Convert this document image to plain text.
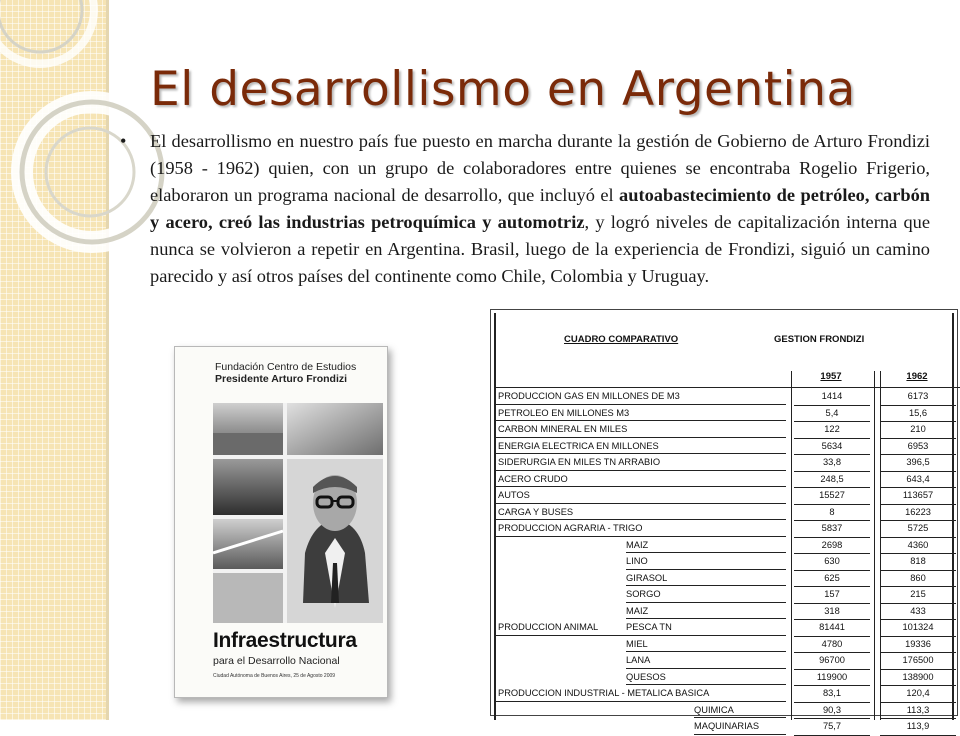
El desarrollismo en Argentina
•	El desarrollismo en nuestro país fue puesto en marcha durante la gestión de Gobierno de Arturo Frondizi (1958 - 1962) quien, con un grupo de colaboradores entre quienes se encontraba Rogelio Frigerio, elaboraron un programa nacional de desarrollo, que incluyó el autoabastecimiento de petróleo, carbón y acero, creó las industrias petroquímica y automotriz, y logró niveles de capitalización interna que nunca se volvieron a repetir en Argentina. Brasil, luego de la experiencia de Frondizi, siguió un camino parecido y así otros países del continente como Chile, Colombia y Uruguay.

Fundación Centro de Estudios
Presidente Arturo Frondizi
Infraestructura
para el Desarrollo Nacional
Ciudad Autónoma de Buenos Aires, 25 de Agosto 2009
CUADRO COMPARATIVO	GESTION FRONDIZI
1957	1962
PRODUCCION GAS EN MILLONES DE M3	1414	6173
PETROLEO EN MILLONES M3	5,4	15,6
CARBON MINERAL EN MILES	122	210
ENERGIA ELECTRICA EN MILLONES	5634	6953
SIDERURGIA EN MILES TN ARRABIO	33,8	396,5
ACERO CRUDO	248,5	643,4
AUTOS	15527	113657
CARGA Y BUSES	8	16223
PRODUCCION AGRARIA - TRIGO	5837	5725
MAIZ	2698	4360
LINO	630	818
GIRASOL	625	860
SORGO	157	215
MAIZ	318	433
PRODUCCION ANIMAL	PESCA TN	81441	101324
MIEL	4780	19336
LANA	96700	176500
QUESOS	119900	138900
PRODUCCION INDUSTRIAL - METALICA BASICA	83,1	120,4
QUIMICA	90,3	113,3
MAQUINARIAS	75,7	113,9
